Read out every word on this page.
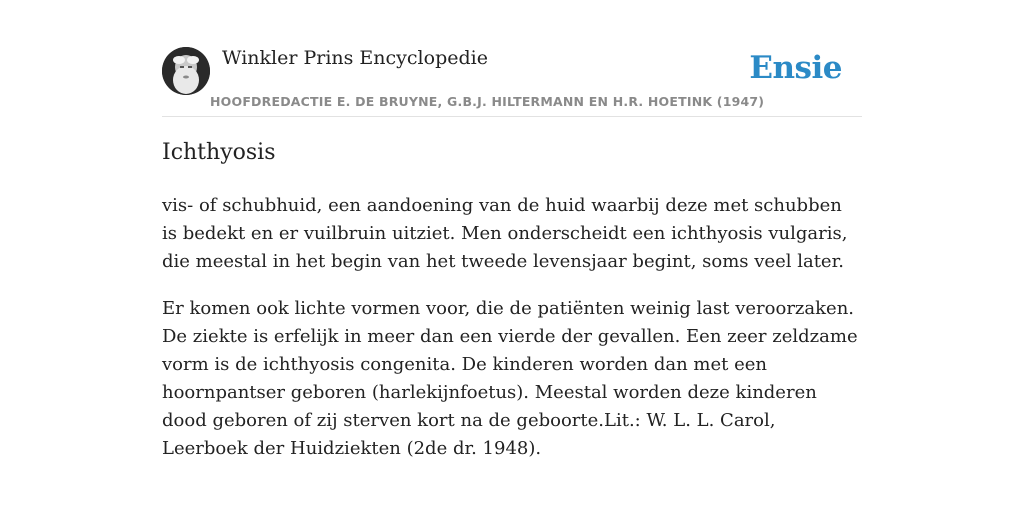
Winkler Prins Encyclopedie
HOOFDREDACTIE E. DE BRUYNE, G.B.J. HILTERMANN EN H.R. HOETINK (1947)
Ensie
Ichthyosis

vis- of schubhuid, een aandoening van de huid waarbij deze met schubben is bedekt en er vuilbruin uitziet. Men onderscheidt een ichthyosis vulgaris, die meestal in het begin van het tweede levensjaar begint, soms veel later.

Er komen ook lichte vormen voor, die de patiënten weinig last veroorzaken. De ziekte is erfelijk in meer dan een vierde der gevallen. Een zeer zeldzame vorm is de ichthyosis congenita. De kinderen worden dan met een hoornpantser geboren (harlekijnfoetus). Meestal worden deze kinderen dood geboren of zij sterven kort na de geboorte.Lit.: W. L. L. Carol, Leerboek der Huidziekten (2de dr. 1948).
